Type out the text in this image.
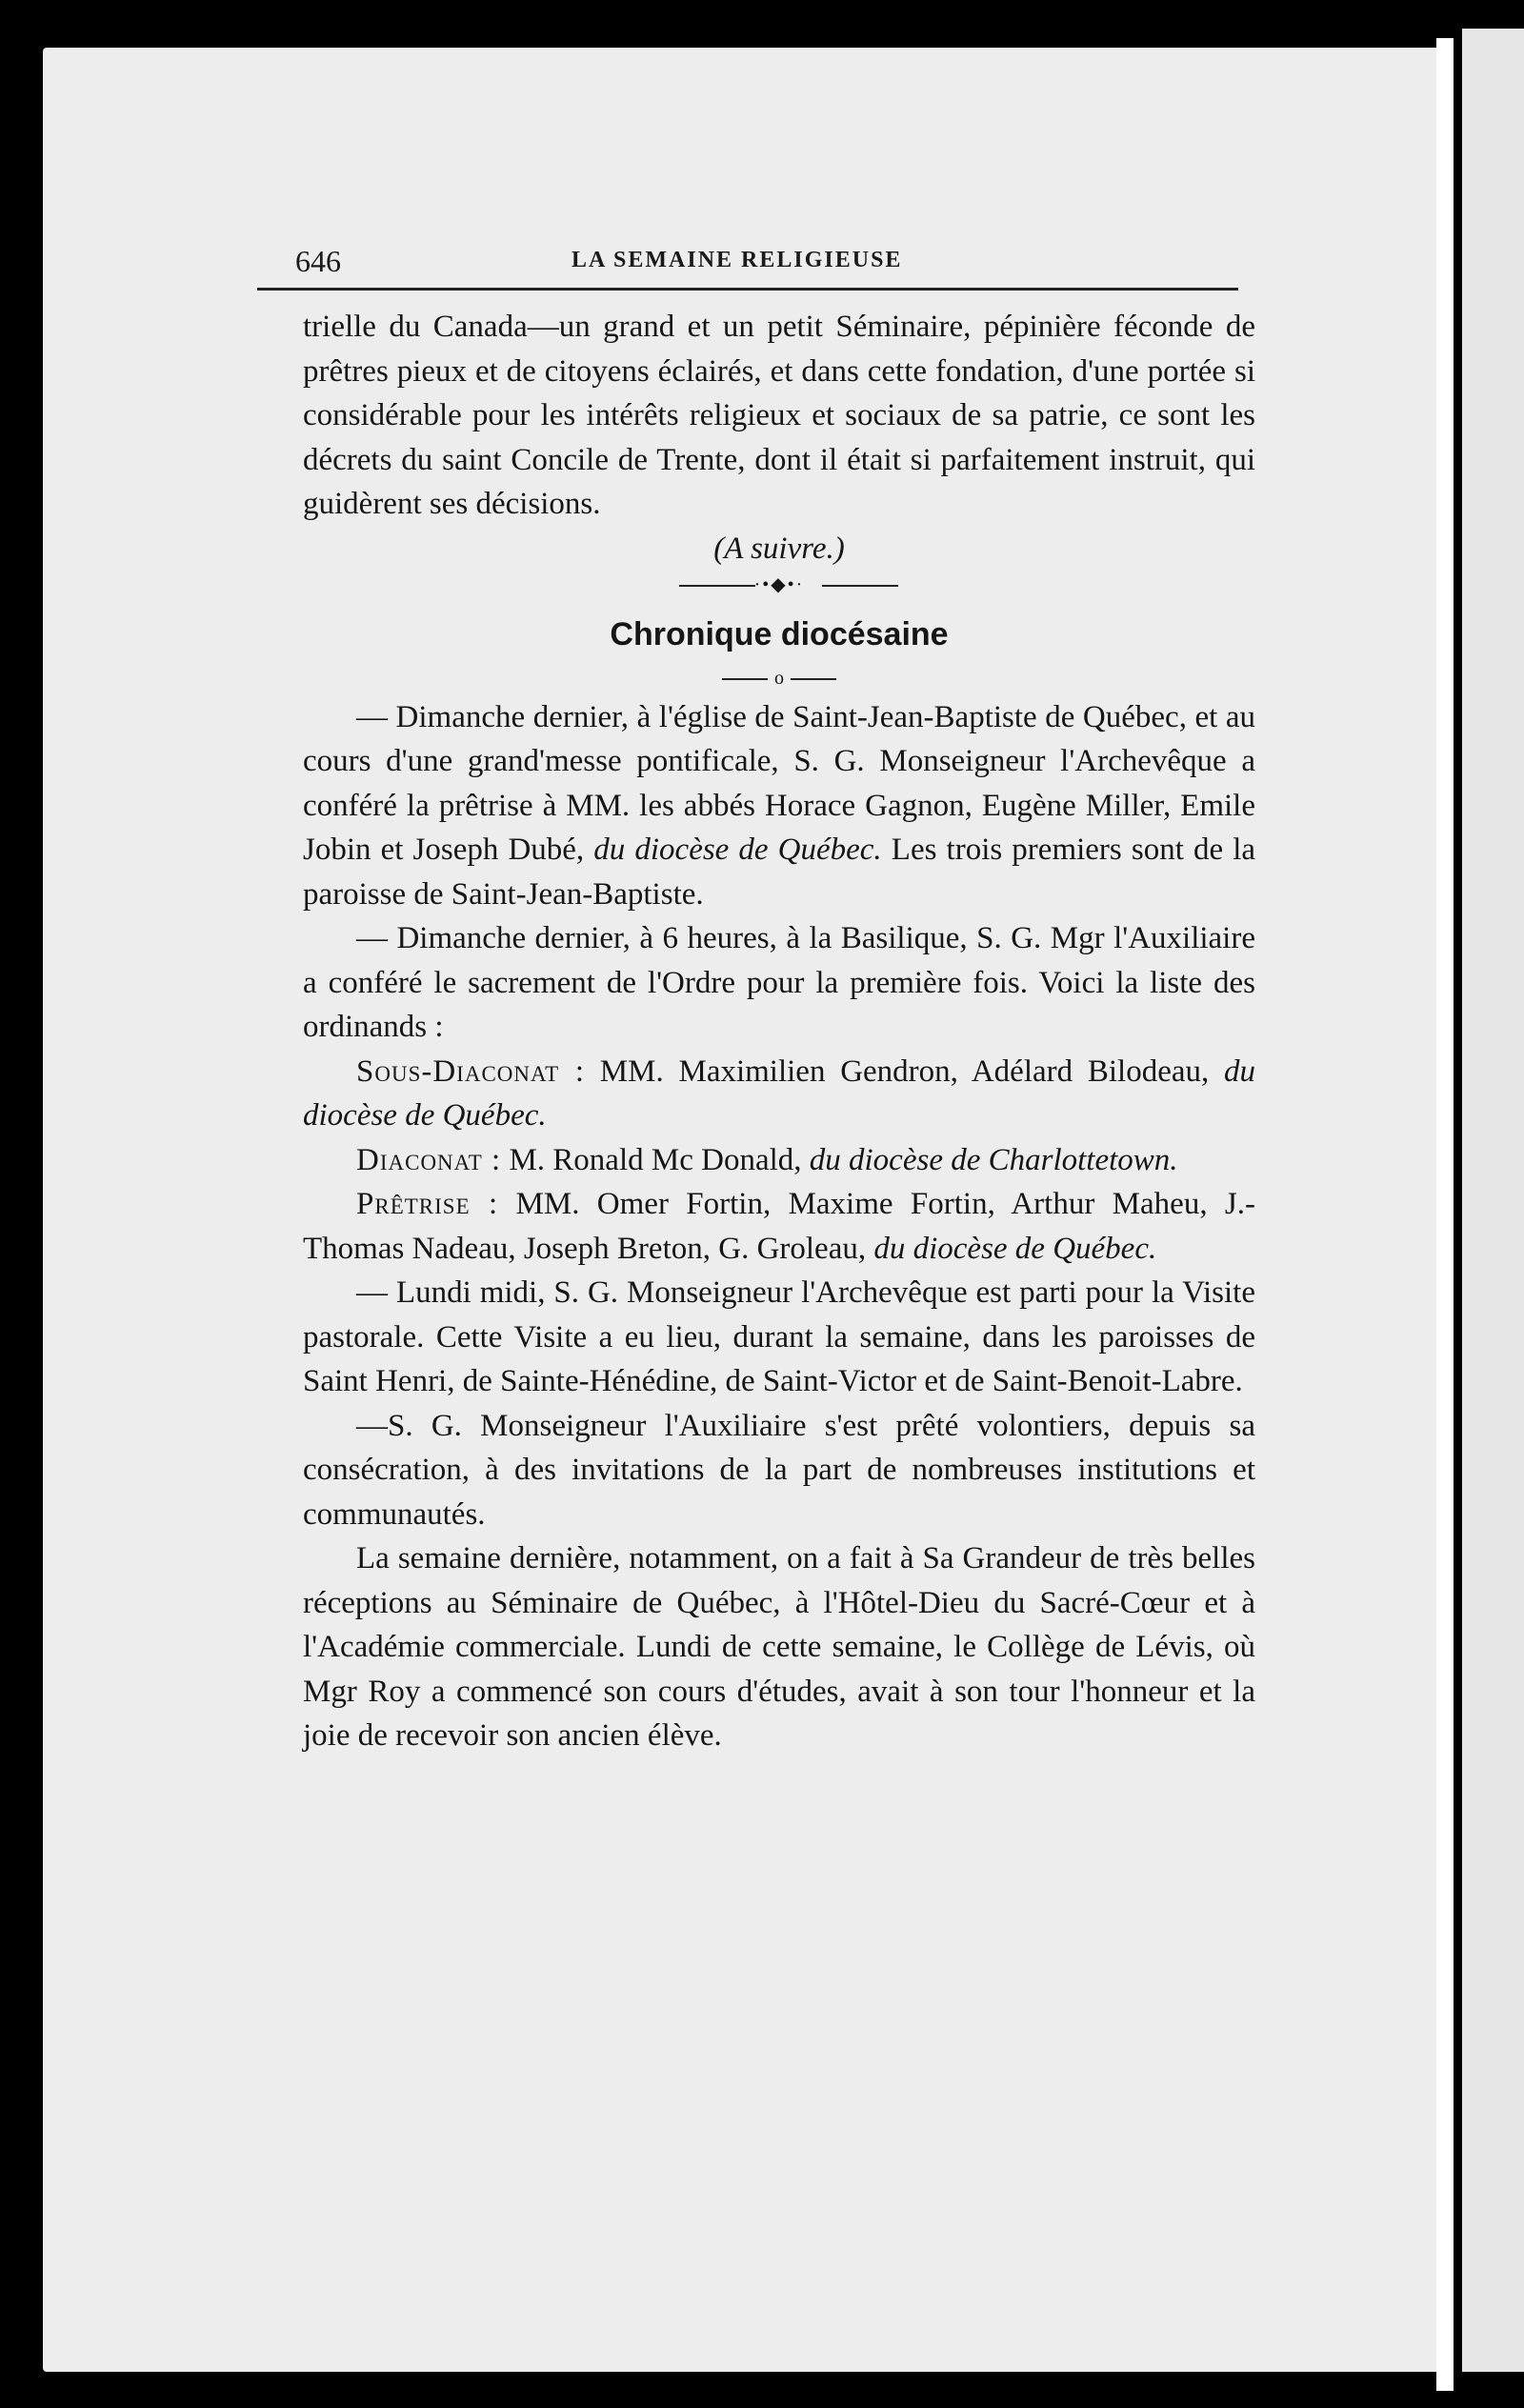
646	LA SEMAINE RELIGIEUSE

trielle du Canada—un grand et un petit Séminaire, pépinière féconde de prêtres pieux et de citoyens éclairés, et dans cette fondation, d'une portée si considérable pour les intérêts religieux et sociaux de sa patrie, ce sont les décrets du saint Concile de Trente, dont il était si parfaitement instruit, qui guidèrent ses décisions.

(A suivre.)

·•◆•·
Chronique diocésaine
o

— Dimanche dernier, à l'église de Saint-Jean-Baptiste de Québec, et au cours d'une grand'messe pontificale, S. G. Monseigneur l'Archevêque a conféré la prêtrise à MM. les abbés Horace Gagnon, Eugène Miller, Emile Jobin et Joseph Dubé, du diocèse de Québec. Les trois premiers sont de la paroisse de Saint-Jean-Baptiste.

— Dimanche dernier, à 6 heures, à la Basilique, S. G. Mgr l'Auxiliaire a conféré le sacrement de l'Ordre pour la première fois. Voici la liste des ordinands :

Sous-Diaconat : MM. Maximilien Gendron, Adélard Bilodeau, du diocèse de Québec.

Diaconat : M. Ronald Mc Donald, du diocèse de Charlottetown.

Prêtrise : MM. Omer Fortin, Maxime Fortin, Arthur Maheu, J.-Thomas Nadeau, Joseph Breton, G. Groleau, du diocèse de Québec.

— Lundi midi, S. G. Monseigneur l'Archevêque est parti pour la Visite pastorale. Cette Visite a eu lieu, durant la semaine, dans les paroisses de Saint Henri, de Sainte-Hénédine, de Saint-Victor et de Saint-Benoit-Labre.

—S. G. Monseigneur l'Auxiliaire s'est prêté volontiers, depuis sa consécration, à des invitations de la part de nombreuses institutions et communautés.

La semaine dernière, notamment, on a fait à Sa Grandeur de très belles réceptions au Séminaire de Québec, à l'Hôtel-Dieu du Sacré-Cœur et à l'Académie commerciale. Lundi de cette semaine, le Collège de Lévis, où Mgr Roy a commencé son cours d'études, avait à son tour l'honneur et la joie de recevoir son ancien élève.
